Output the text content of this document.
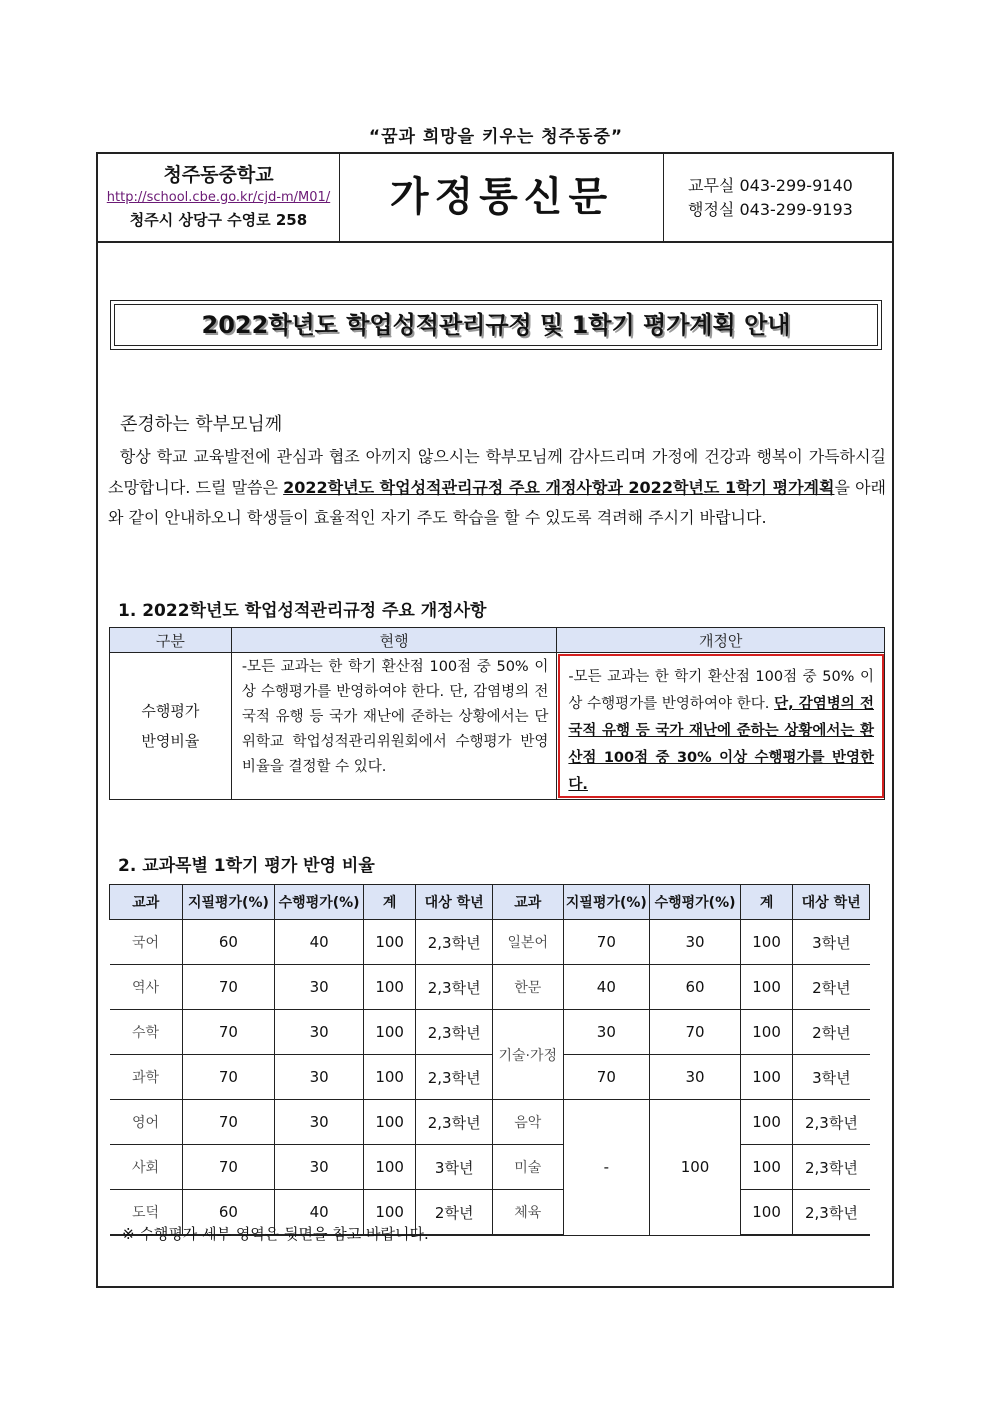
“꿈과 희망을 키우는 청주동중”
청주동중학교
http://school.cbe.go.kr/cjd-m/M01/
청주시 상당구 수영로 258	가정통신문	교무실 043-299-9140
행정실 043-299-9193
2022학년도 학업성적관리규정 및 1학기 평가계획 안내
존경하는 학부모님께
항상 학교 교육발전에 관심과 협조 아끼지 않으시는 학부모님께 감사드리며 가정에 건강과 행복이 가득하시길 소망합니다. 드릴 말씀은 2022학년도 학업성적관리규정 주요 개정사항과 2022학년도 1학기 평가계획을 아래와 같이 안내하오니 학생들이 효율적인 자기 주도 학습을 할 수 있도록 격려해 주시기 바랍니다.
1. 2022학년도 학업성적관리규정 주요 개정사항
구분	현행	개정안

수행평가
반영비율	-모든 교과는 한 학기 환산점 100점 중 50% 이상 수행평가를 반영하여야 한다. 단, 감염병의 전국적 유행 등 국가 재난에 준하는 상황에서는 단위학교 학업성적관리위원회에서 수행평가 반영비율을 결정할 수 있다.	-모든 교과는 한 학기 환산점 100점 중 50% 이상 수행평가를 반영하여야 한다. 단, 감염병의 전국적 유행 등 국가 재난에 준하는 상황에서는 환산점 100점 중 30% 이상 수행평가를 반영한다.
2. 교과목별 1학기 평가 반영 비율
교과	지필평가(%)	수행평가(%)	계	대상 학년	교과	지필평가(%)	수행평가(%)	계	대상 학년
국어	60	40	100	2,3학년	일본어	70	30	100	3학년
역사	70	30	100	2,3학년	한문	40	60	100	2학년
수학	70	30	100	2,3학년	기술·가정	30	70	100	2학년
과학	70	30	100	2,3학년		70	30	100	3학년
영어	70	30	100	2,3학년	음악	-	100	100	2,3학년
사회	70	30	100	3학년	미술			100	2,3학년
도덕	60	40	100	2학년	체육			100	2,3학년
※ 수행평가 세부 영역은 뒷면을 참고 바랍니다.
